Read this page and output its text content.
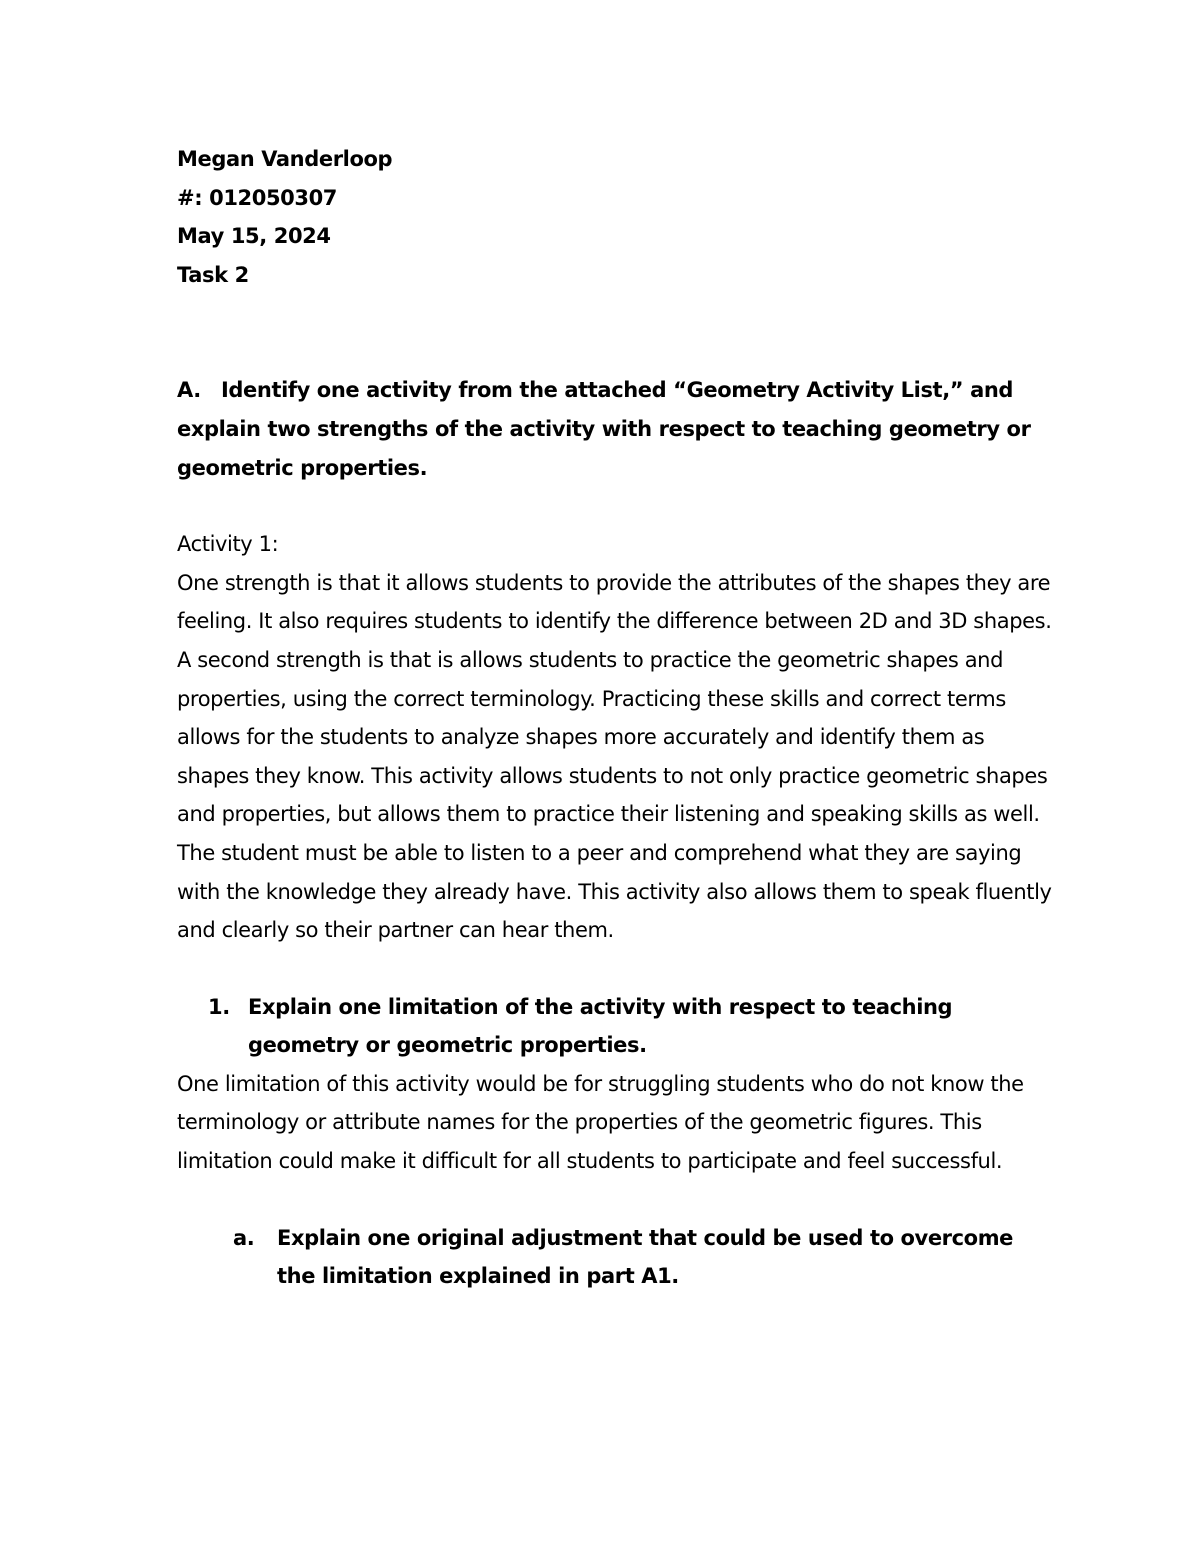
Megan Vanderloop
#: 012050307
May 15, 2024
Task 2
A. Identify one activity from the attached “Geometry Activity List,” and
explain two strengths of the activity with respect to teaching geometry or geometric properties.

Activity 1:

One strength is that it allows students to provide the attributes of the shapes they are feeling. It also requires students to identify the difference between 2D and 3D shapes.

A second strength is that is allows students to practice the geometric shapes and properties, using the correct terminology. Practicing these skills and correct terms allows for the students to analyze shapes more accurately and identify them as shapes they know. This activity allows students to not only practice geometric shapes and properties, but allows them to practice their listening and speaking skills as well. The student must be able to listen to a peer and comprehend what they are saying with the knowledge they already have. This activity also allows them to speak fluently and clearly so their partner can hear them.

1. Explain one limitation of the activity with respect to teaching geometry or geometric properties.

One limitation of this activity would be for struggling students who do not know the terminology or attribute names for the properties of the geometric figures. This limitation could make it difficult for all students to participate and feel successful.

a.	Explain one original adjustment that could be used to overcome the limitation explained in part A1.
